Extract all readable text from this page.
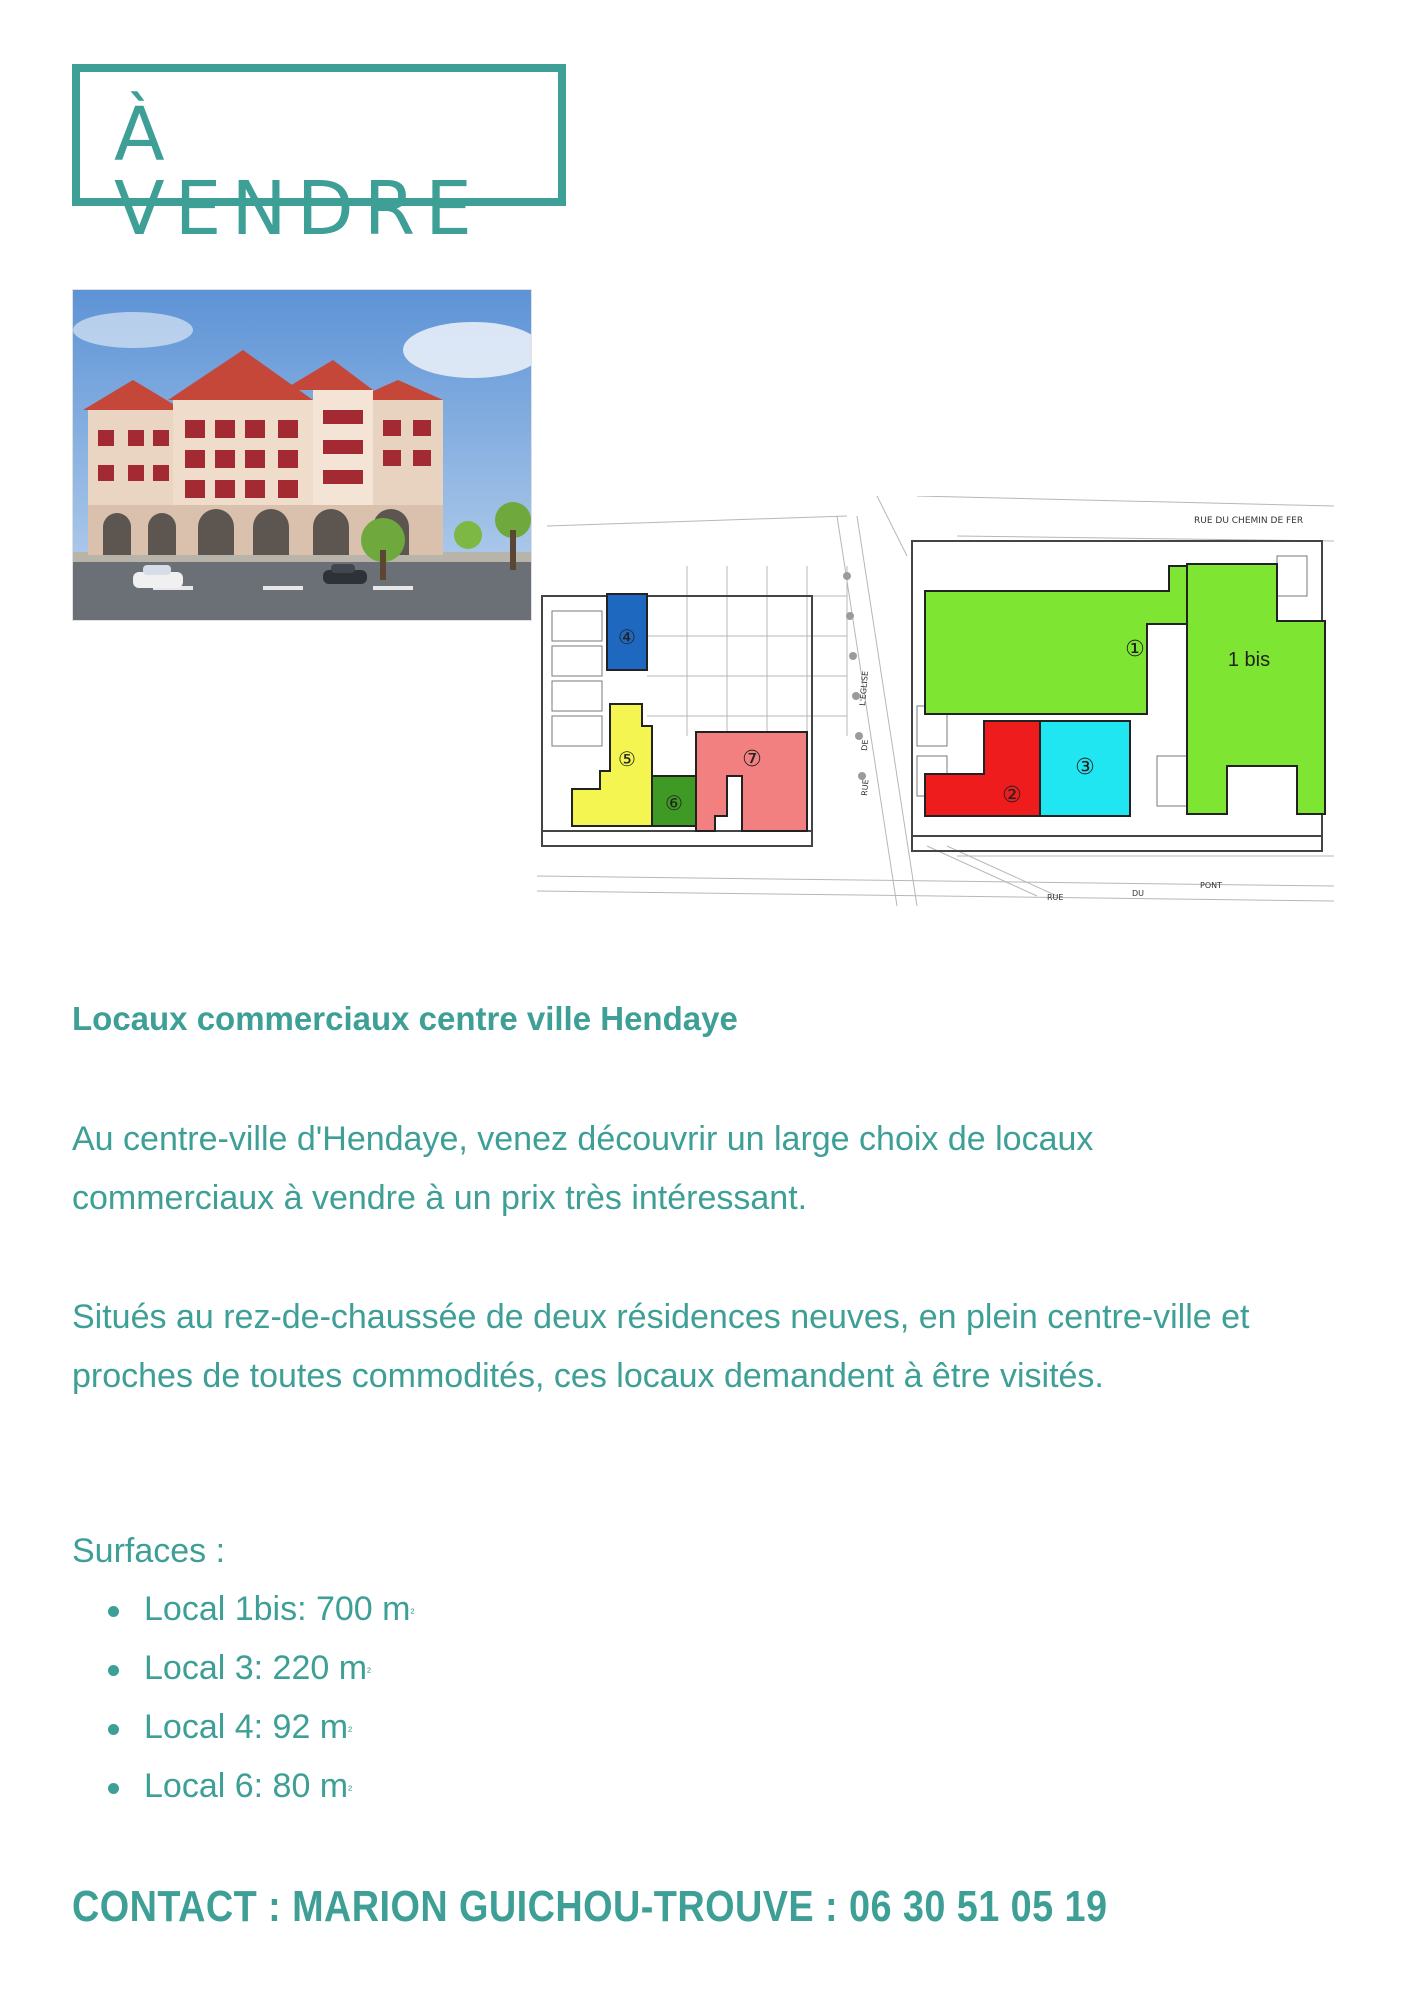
À VENDRE
RUE DU CHEMIN DE FER
RUE	DU
PONT
RUE
DE
L'EGLISE
①	1 bis
②
③
④
⑤
⑥
⑦
Locaux commerciaux centre ville Hendaye

Au centre-ville d'Hendaye, venez découvrir un large choix de locaux commerciaux à vendre à un prix très intéressant.

Situés au rez-de-chaussée de deux résidences neuves, en plein centre-ville et proches de toutes commodités, ces locaux demandent à être visités.

Surfaces :
Local 1bis: 700 $m^{^2}$
Local 3: 220 $m^{^2}$
Local 4: 92 $m^{^2}$
Local 6: 80 $m^{^2}$
CONTACT : MARION GUICHOU-TROUVE : 06 30 51 05 19
